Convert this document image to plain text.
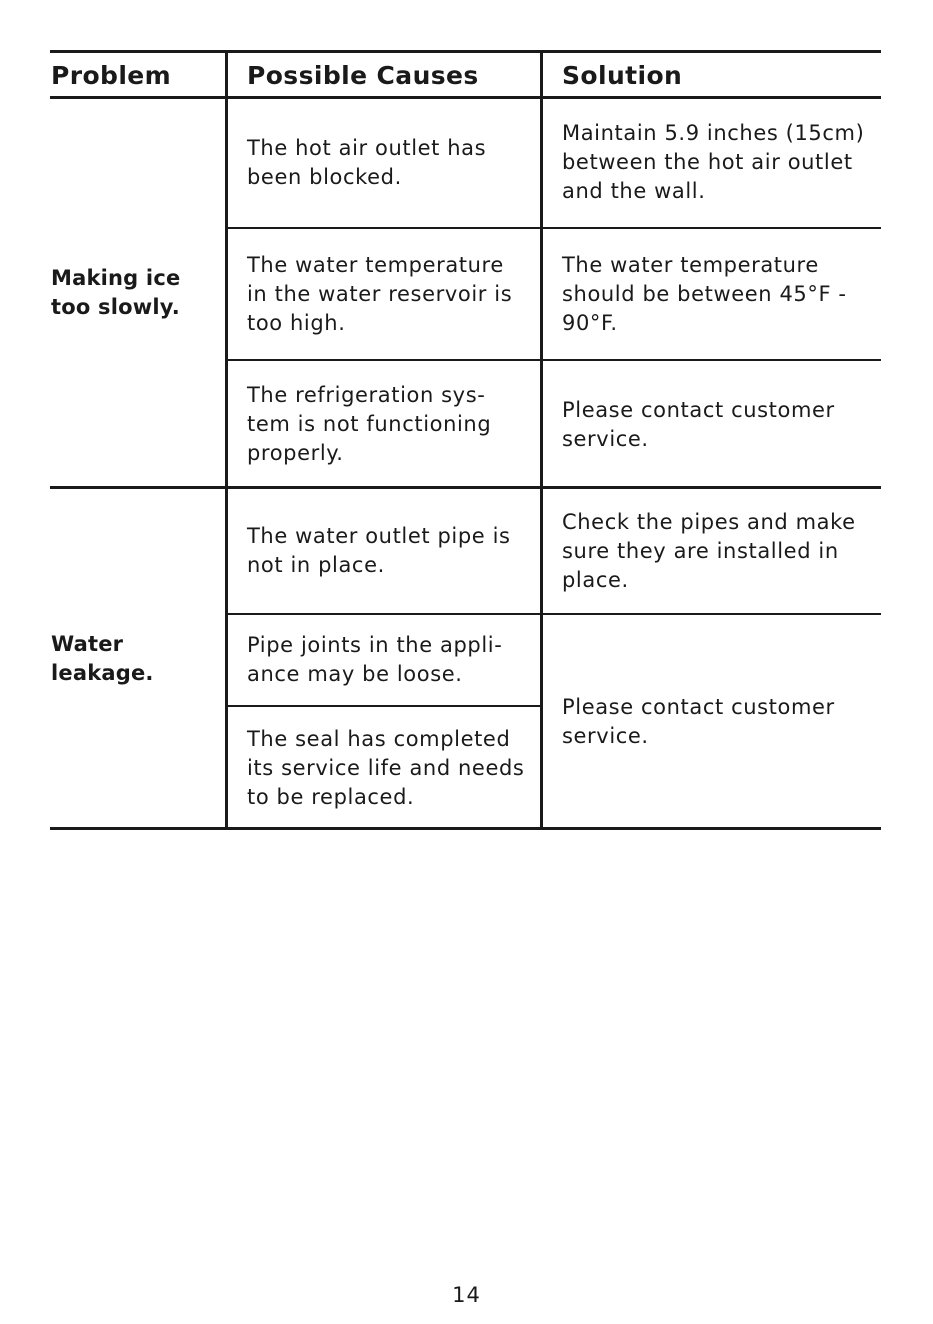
Problem	Possible Causes	Solution
Making ice
too slowly.
The hot air outlet has
been blocked.
Maintain 5.9 inches (15cm)
between the hot air outlet
and the wall.
The water temperature
in the water reservoir is
too high.
The water temperature
should be between 45°F -
90°F.
The refrigeration sys-
tem is not functioning
properly.
Please contact customer
service.
Water
leakage.
The water outlet pipe is
not in place.
Check the pipes and make
sure they are installed in
place.
Pipe joints in the appli-
ance may be loose.
The seal has completed
its service life and needs
to be replaced.
Please contact customer
service.
14
